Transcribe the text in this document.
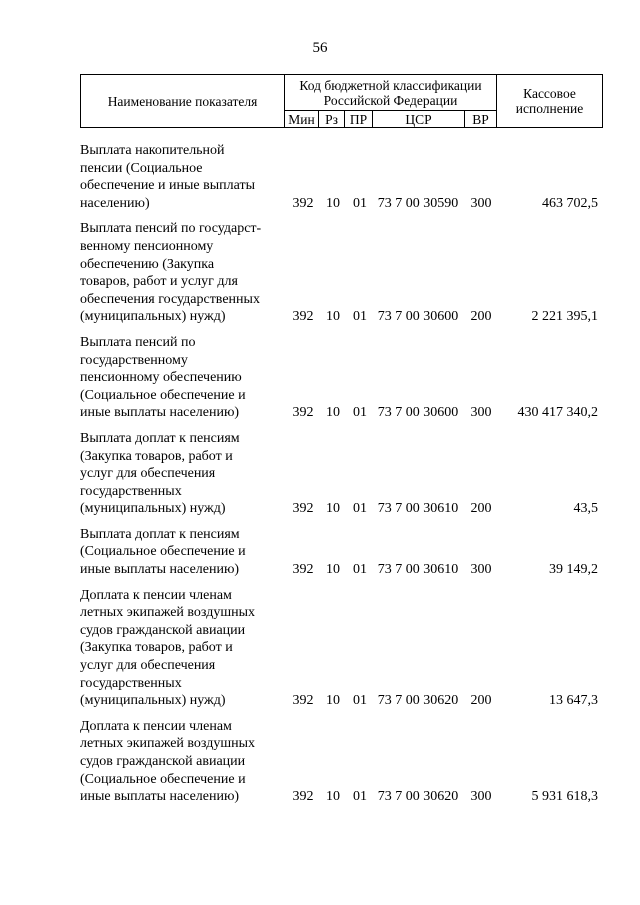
56
Наименование показателя	Код бюджетной классификации Российской Федерации					Кассовое исполнение
	Мин	Рз	ПР	ЦСР	ВР	
Выплата накопительной
пенсии (Социальное
обеспечение и иные выплаты
населению)	392 10 01 73 7 00 30590 300	463 702,5
Выплата пенсий по государст-
венному пенсионному
обеспечению (Закупка
товаров, работ и услуг для
обеспечения государственных
(муниципальных) нужд)	392 10 01 73 7 00 30600 200	2 221 395,1
Выплата пенсий по
государственному
пенсионному обеспечению
(Социальное обеспечение и
иные выплаты населению)	392 10 01 73 7 00 30600 300	430 417 340,2
Выплата доплат к пенсиям
(Закупка товаров, работ и
услуг для обеспечения
государственных
(муниципальных) нужд)	392 10 01 73 7 00 30610 200	43,5
Выплата доплат к пенсиям
(Социальное обеспечение и
иные выплаты населению)	392 10 01 73 7 00 30610 300	39 149,2
Доплата к пенсии членам
летных экипажей воздушных
судов гражданской авиации
(Закупка товаров, работ и
услуг для обеспечения
государственных
(муниципальных) нужд)	392 10 01 73 7 00 30620 200	13 647,3
Доплата к пенсии членам
летных экипажей воздушных
судов гражданской авиации
(Социальное обеспечение и
иные выплаты населению)	392 10 01 73 7 00 30620 300	5 931 618,3
